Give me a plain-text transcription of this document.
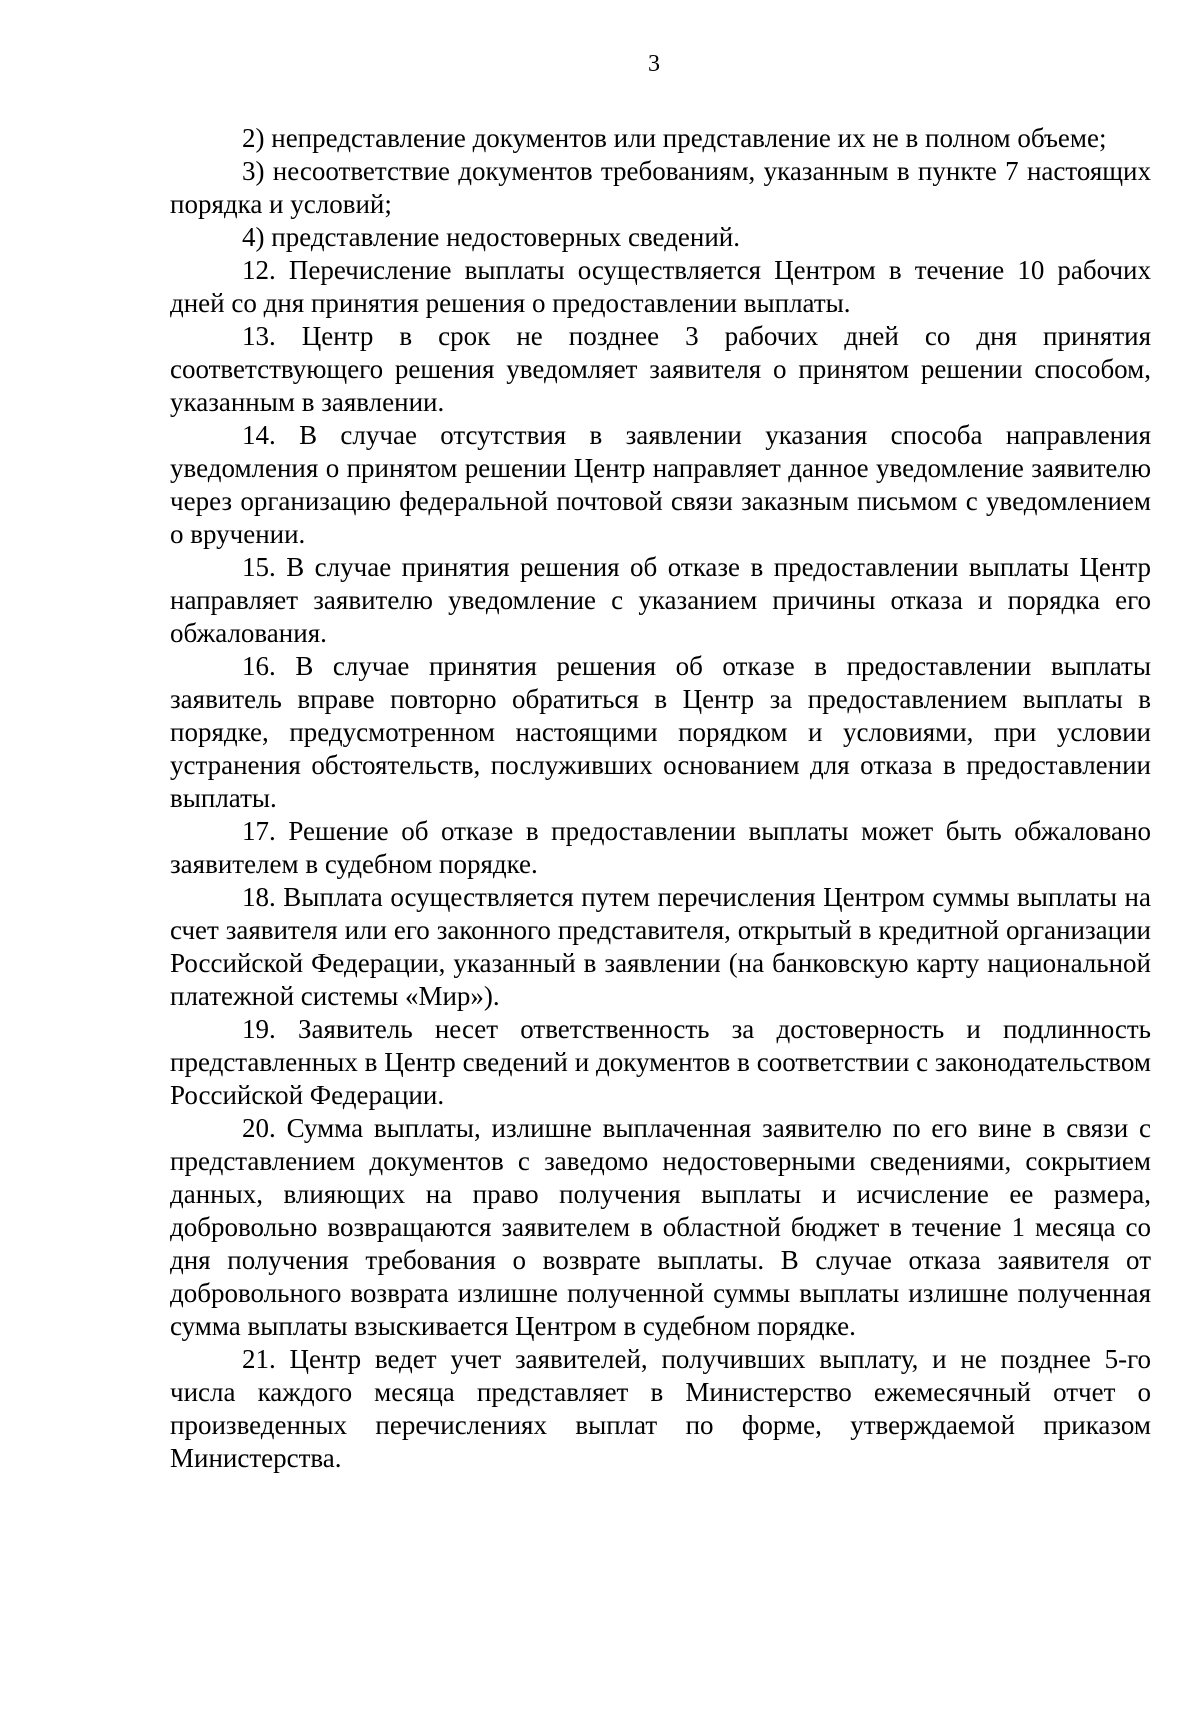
3

2) непредставление документов или представление их не в полном объеме;

3) несоответствие документов требованиям, указанным в пункте 7 настоящих порядка и условий;

4) представление недостоверных сведений.

12. Перечисление выплаты осуществляется Центром в течение 10 рабочих дней со дня принятия решения о предоставлении выплаты.

13. Центр в срок не позднее 3 рабочих дней со дня принятия соответствующего решения уведомляет заявителя о принятом решении способом, указанным в заявлении.

14. В случае отсутствия в заявлении указания способа направления уведомления о принятом решении Центр направляет данное уведомление заявителю через организацию федеральной почтовой связи заказным письмом с уведомлением о вручении.

15. В случае принятия решения об отказе в предоставлении выплаты Центр направляет заявителю уведомление с указанием причины отказа и порядка его обжалования.

16. В случае принятия решения об отказе в предоставлении выплаты заявитель вправе повторно обратиться в Центр за предоставлением выплаты в порядке, предусмотренном настоящими порядком и условиями, при условии устранения обстоятельств, послуживших основанием для отказа в предоставлении выплаты.

17. Решение об отказе в предоставлении выплаты может быть обжаловано заявителем в судебном порядке.

18. Выплата осуществляется путем перечисления Центром суммы выплаты на счет заявителя или его законного представителя, открытый в кредитной организации Российской Федерации, указанный в заявлении (на банковскую карту национальной платежной системы «Мир»).

19. Заявитель несет ответственность за достоверность и подлинность представленных в Центр сведений и документов в соответствии с законодательством Российской Федерации.

20. Сумма выплаты, излишне выплаченная заявителю по его вине в связи с представлением документов с заведомо недостоверными сведениями, сокрытием данных, влияющих на право получения выплаты и исчисление ее размера, добровольно возвращаются заявителем в областной бюджет в течение 1 месяца со дня получения требования о возврате выплаты. В случае отказа заявителя от добровольного возврата излишне полученной суммы выплаты излишне полученная сумма выплаты взыскивается Центром в судебном порядке.

21. Центр ведет учет заявителей, получивших выплату, и не позднее 5-го числа каждого месяца представляет в Министерство ежемесячный отчет о произведенных перечислениях выплат по форме, утверждаемой приказом Министерства.
